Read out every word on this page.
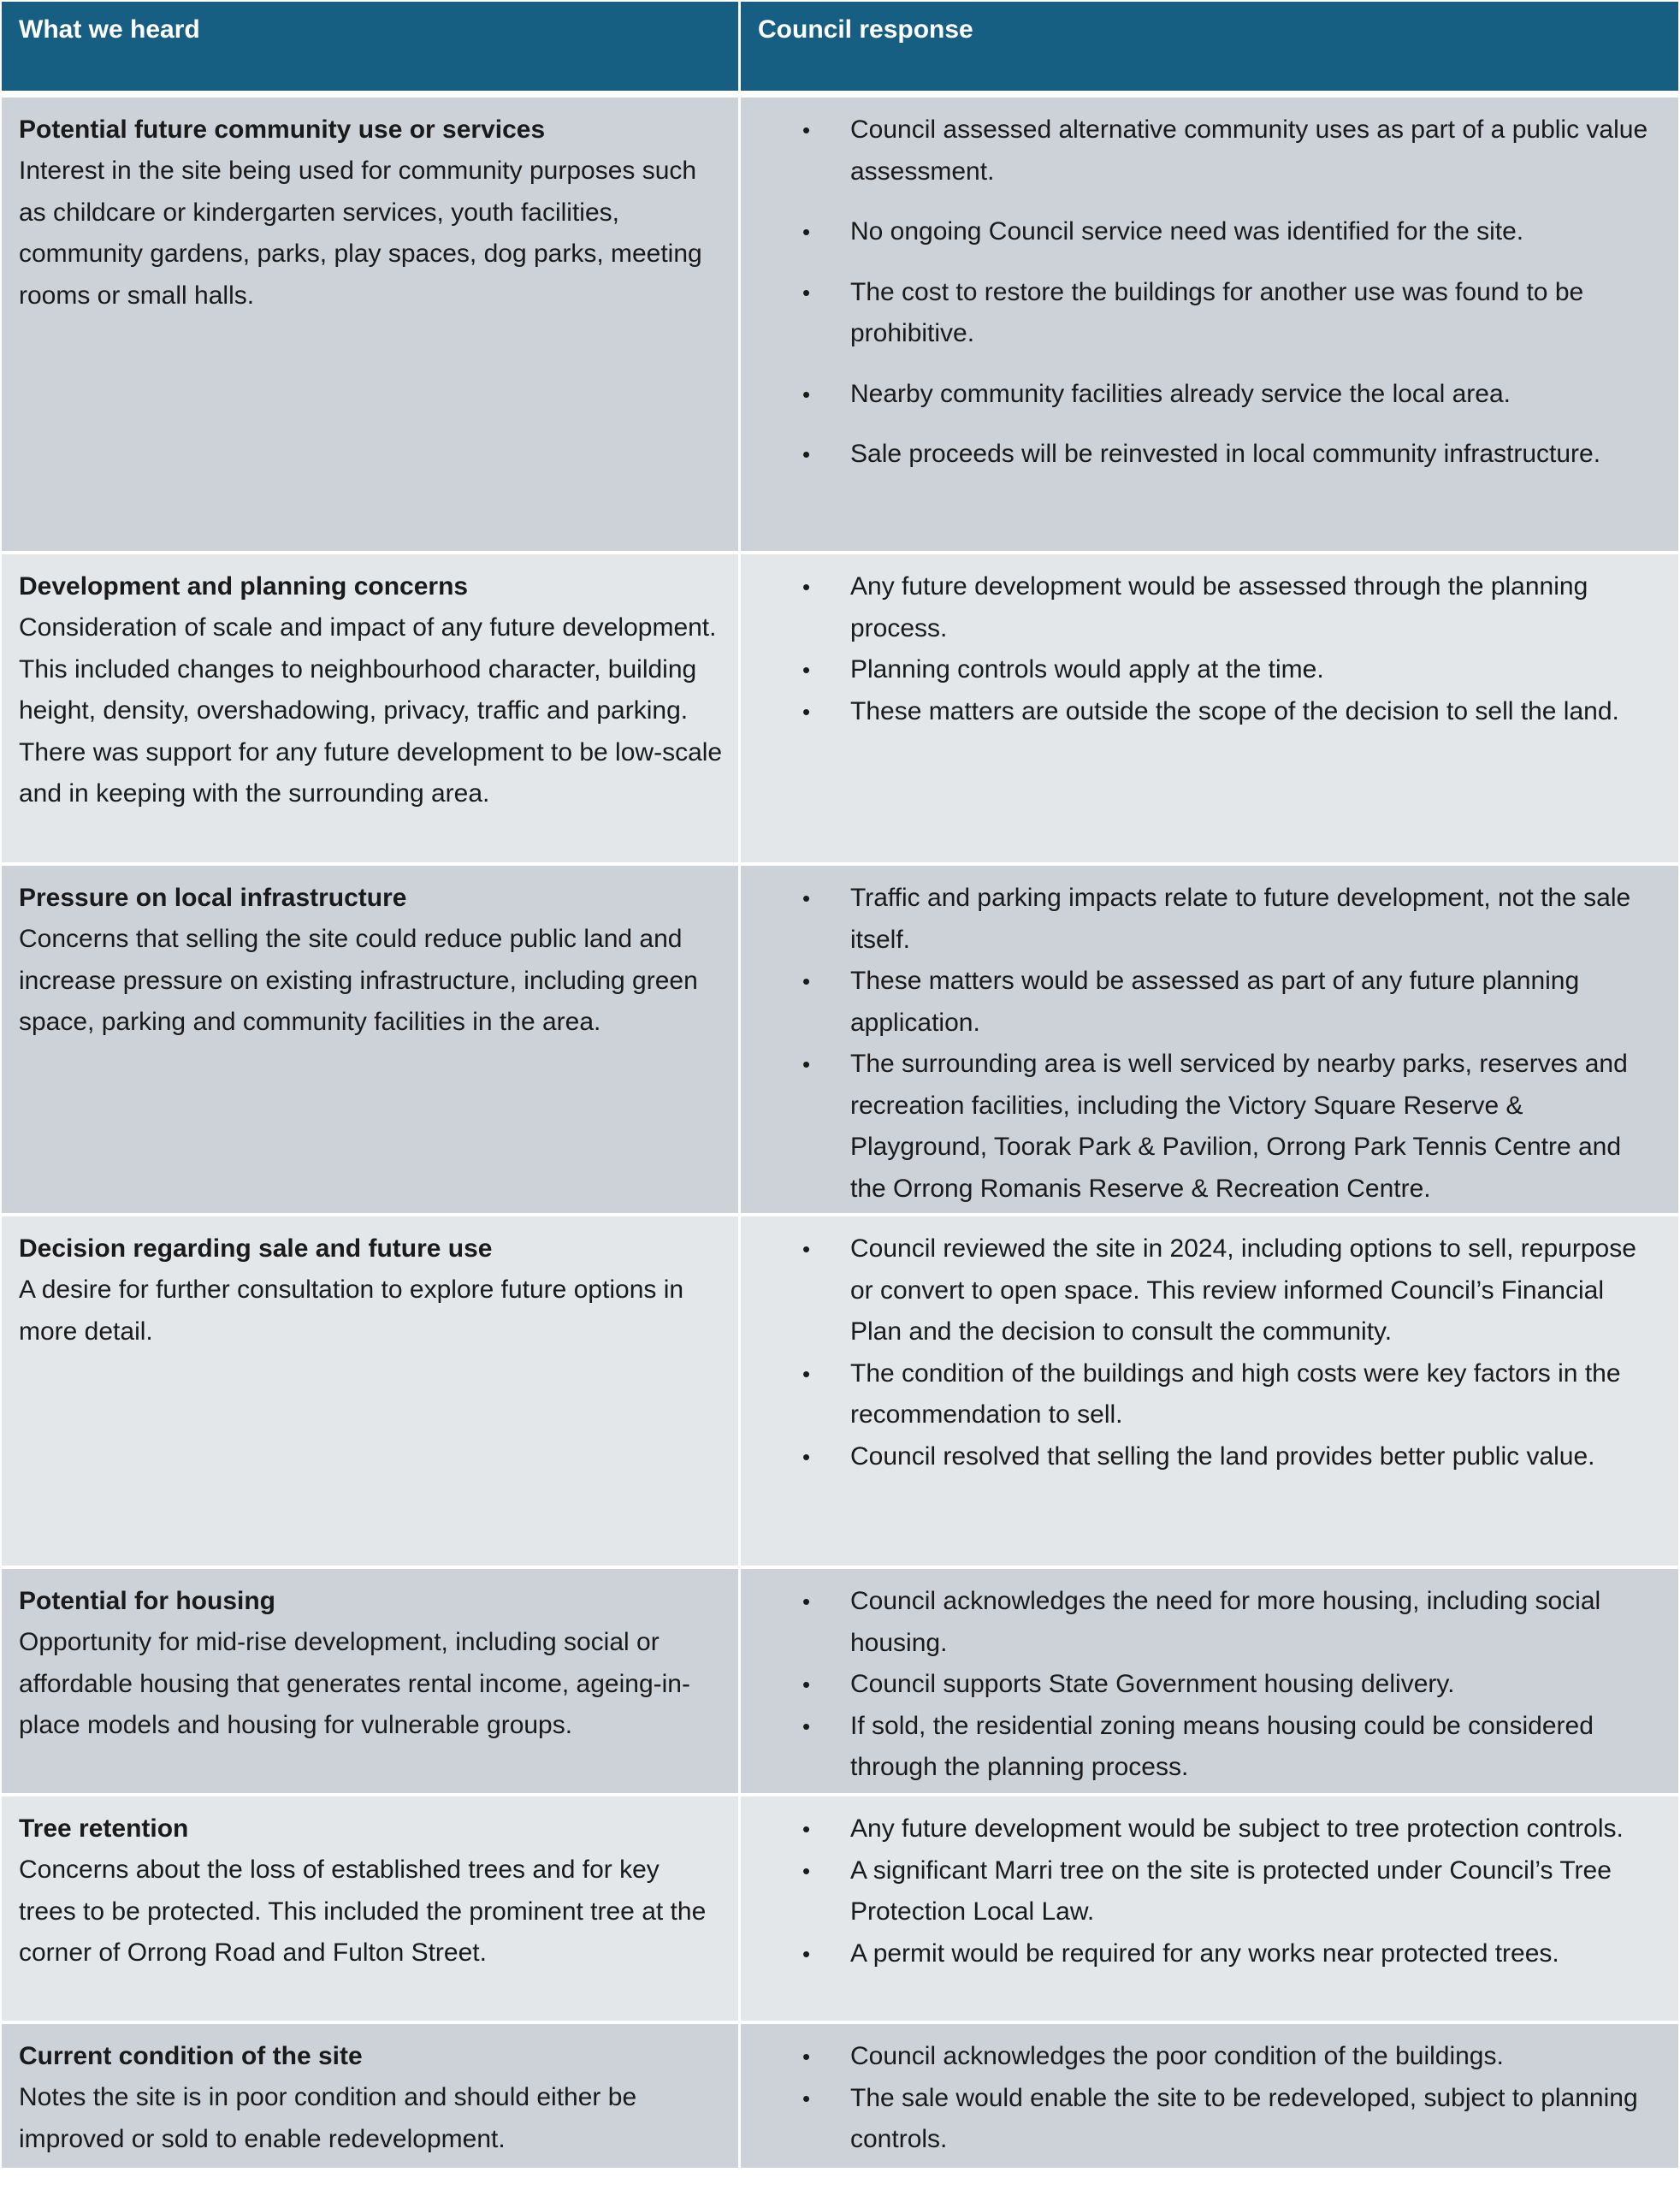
What we heard	Council response
Potential future community use or services
Interest in the site being used for community purposes such as childcare or kindergarten services, youth facilities, community gardens, parks, play spaces, dog parks, meeting rooms or small halls.
• Council assessed alternative community uses as part of a public value assessment.
• No ongoing Council service need was identified for the site.
• The cost to restore the buildings for another use was found to be prohibitive.
• Nearby community facilities already service the local area.
• Sale proceeds will be reinvested in local community infrastructure.
Development and planning concerns
Consideration of scale and impact of any future development. This included changes to neighbourhood character, building height, density, overshadowing, privacy, traffic and parking. There was support for any future development to be low-scale and in keeping with the surrounding area.
• Any future development would be assessed through the planning process.
• Planning controls would apply at the time.
• These matters are outside the scope of the decision to sell the land.
Pressure on local infrastructure
Concerns that selling the site could reduce public land and increase pressure on existing infrastructure, including green space, parking and community facilities in the area.
• Traffic and parking impacts relate to future development, not the sale itself.
• These matters would be assessed as part of any future planning application.
• The surrounding area is well serviced by nearby parks, reserves and recreation facilities, including the Victory Square Reserve & Playground, Toorak Park & Pavilion, Orrong Park Tennis Centre and the Orrong Romanis Reserve & Recreation Centre.
Decision regarding sale and future use
A desire for further consultation to explore future options in more detail.
• Council reviewed the site in 2024, including options to sell, repurpose or convert to open space. This review informed Council’s Financial Plan and the decision to consult the community.
• The condition of the buildings and high costs were key factors in the recommendation to sell.
• Council resolved that selling the land provides better public value.
Potential for housing
Opportunity for mid-rise development, including social or affordable housing that generates rental income, ageing-in-place models and housing for vulnerable groups.
• Council acknowledges the need for more housing, including social housing.
• Council supports State Government housing delivery.
• If sold, the residential zoning means housing could be considered through the planning process.
Tree retention
Concerns about the loss of established trees and for key trees to be protected. This included the prominent tree at the corner of Orrong Road and Fulton Street.
• Any future development would be subject to tree protection controls.
• A significant Marri tree on the site is protected under Council’s Tree Protection Local Law.
• A permit would be required for any works near protected trees.
Current condition of the site
Notes the site is in poor condition and should either be improved or sold to enable redevelopment.
• Council acknowledges the poor condition of the buildings.
• The sale would enable the site to be redeveloped, subject to planning controls.
